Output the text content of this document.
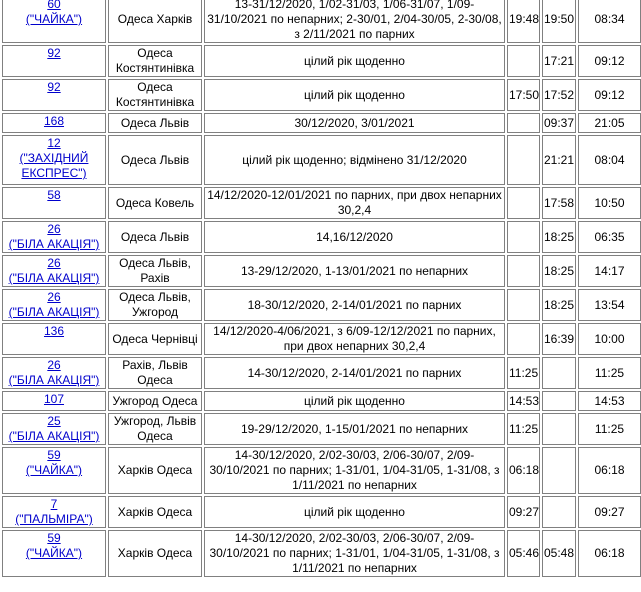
60
("ЧАЙКА")	Одеса Харків	13-31/12/2020, 1/02-31/03, 1/06-31/07, 1/09-
31/10/2021 по непарних; 2-30/01, 2/04-30/05, 2-30/08,
з 2/11/2021 по парних	19:48	19:50	08:34

92	Одеса
Костянтинівка	цілий рік щоденно		17:21	09:12

92	Одеса
Костянтинівка	цілий рік щоденно	17:50	17:52	09:12

168	Одеса Львів	30/12/2020, 3/01/2021		09:37	21:05

12
("ЗАХІДНИЙ ЕКСПРЕС")	Одеса Львів	цілий рік щоденно; відмінено 31/12/2020		21:21	08:04

58	Одеса Ковель	14/12/2020-12/01/2021 по парних, при двох непарних
30,2,4		17:58	10:50

26
("БІЛА АКАЦІЯ")	Одеса Львів	14,16/12/2020		18:25	06:35

26
("БІЛА АКАЦІЯ")	Одеса Львів,
Рахів	13-29/12/2020, 1-13/01/2021 по непарних		18:25	14:17

26
("БІЛА АКАЦІЯ")	Одеса Львів,
Ужгород	18-30/12/2020, 2-14/01/2021 по парних		18:25	13:54

136	Одеса Чернівці	14/12/2020-4/06/2021, з 6/09-12/12/2021 по парних,
при двох непарних 30,2,4		16:39	10:00

26
("БІЛА АКАЦІЯ")	Рахів, Львів
Одеса	14-30/12/2020, 2-14/01/2021 по парних	11:25		11:25

107	Ужгород Одеса	цілий рік щоденно	14:53		14:53

25
("БІЛА АКАЦІЯ")	Ужгород, Львів
Одеса	19-29/12/2020, 1-15/01/2021 по непарних	11:25		11:25

59
("ЧАЙКА")	Харків Одеса	14-30/12/2020, 2/02-30/03, 2/06-30/07, 2/09-
30/10/2021 по парних; 1-31/01, 1/04-31/05, 1-31/08, з
1/11/2021 по непарних	06:18		06:18

7
("ПАЛЬМІРА")	Харків Одеса	цілий рік щоденно	09:27		09:27

59
("ЧАЙКА")	Харків Одеса	14-30/12/2020, 2/02-30/03, 2/06-30/07, 2/09-
30/10/2021 по парних; 1-31/01, 1/04-31/05, 1-31/08, з
1/11/2021 по непарних	05:46	05:48	06:18
